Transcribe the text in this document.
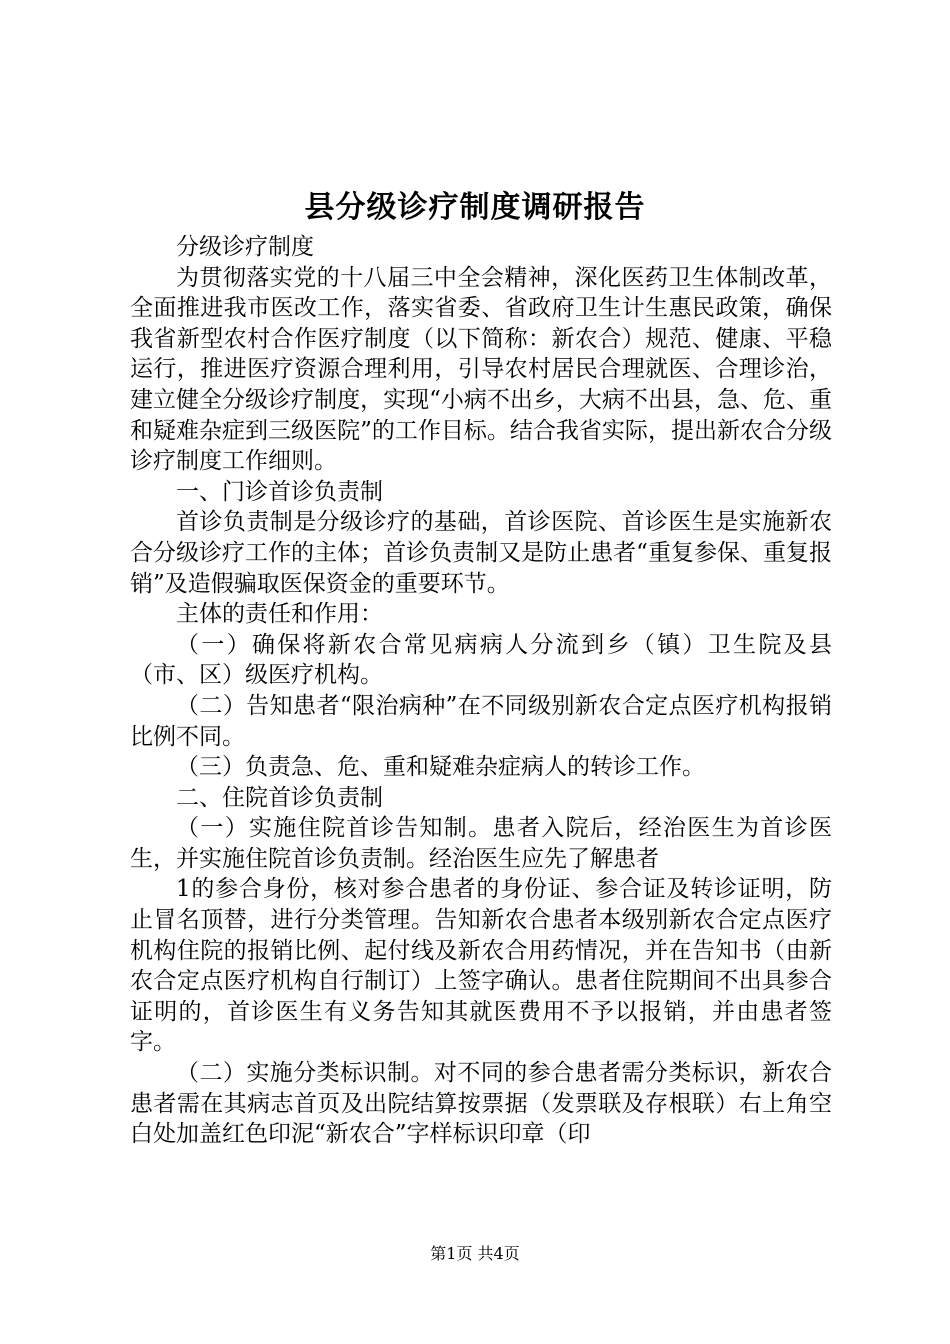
县分级诊疗制度调研报告

分级诊疗制度

为贯彻落实党的十八届三中全会精神，深化医药卫生体制改革，全面推进我市医改工作，落实省委、省政府卫生计生惠民政策，确保我省新型农村合作医疗制度（以下简称：新农合）规范、健康、平稳运行，推进医疗资源合理利用，引导农村居民合理就医、合理诊治，建立健全分级诊疗制度，实现“小病不出乡，大病不出县，急、危、重和疑难杂症到三级医院”的工作目标。结合我省实际，提出新农合分级诊疗制度工作细则。

一、门诊首诊负责制

首诊负责制是分级诊疗的基础，首诊医院、首诊医生是实施新农合分级诊疗工作的主体；首诊负责制又是防止患者“重复参保、重复报销”及造假骗取医保资金的重要环节。

主体的责任和作用：

（一）确保将新农合常见病病人分流到乡（镇）卫生院及县（市、区）级医疗机构。

（二）告知患者“限治病种”在不同级别新农合定点医疗机构报销比例不同。

（三）负责急、危、重和疑难杂症病人的转诊工作。

二、住院首诊负责制

（一）实施住院首诊告知制。患者入院后，经治医生为首诊医生，并实施住院首诊负责制。经治医生应先了解患者

1的参合身份，核对参合患者的身份证、参合证及转诊证明，防止冒名顶替，进行分类管理。告知新农合患者本级别新农合定点医疗机构住院的报销比例、起付线及新农合用药情况，并在告知书（由新农合定点医疗机构自行制订）上签字确认。患者住院期间不出具参合证明的，首诊医生有义务告知其就医费用不予以报销，并由患者签字。

（二）实施分类标识制。对不同的参合患者需分类标识，新农合患者需在其病志首页及出院结算按票据（发票联及存根联）右上角空白处加盖红色印泥“新农合”字样标识印章（印

第1页 共4页
